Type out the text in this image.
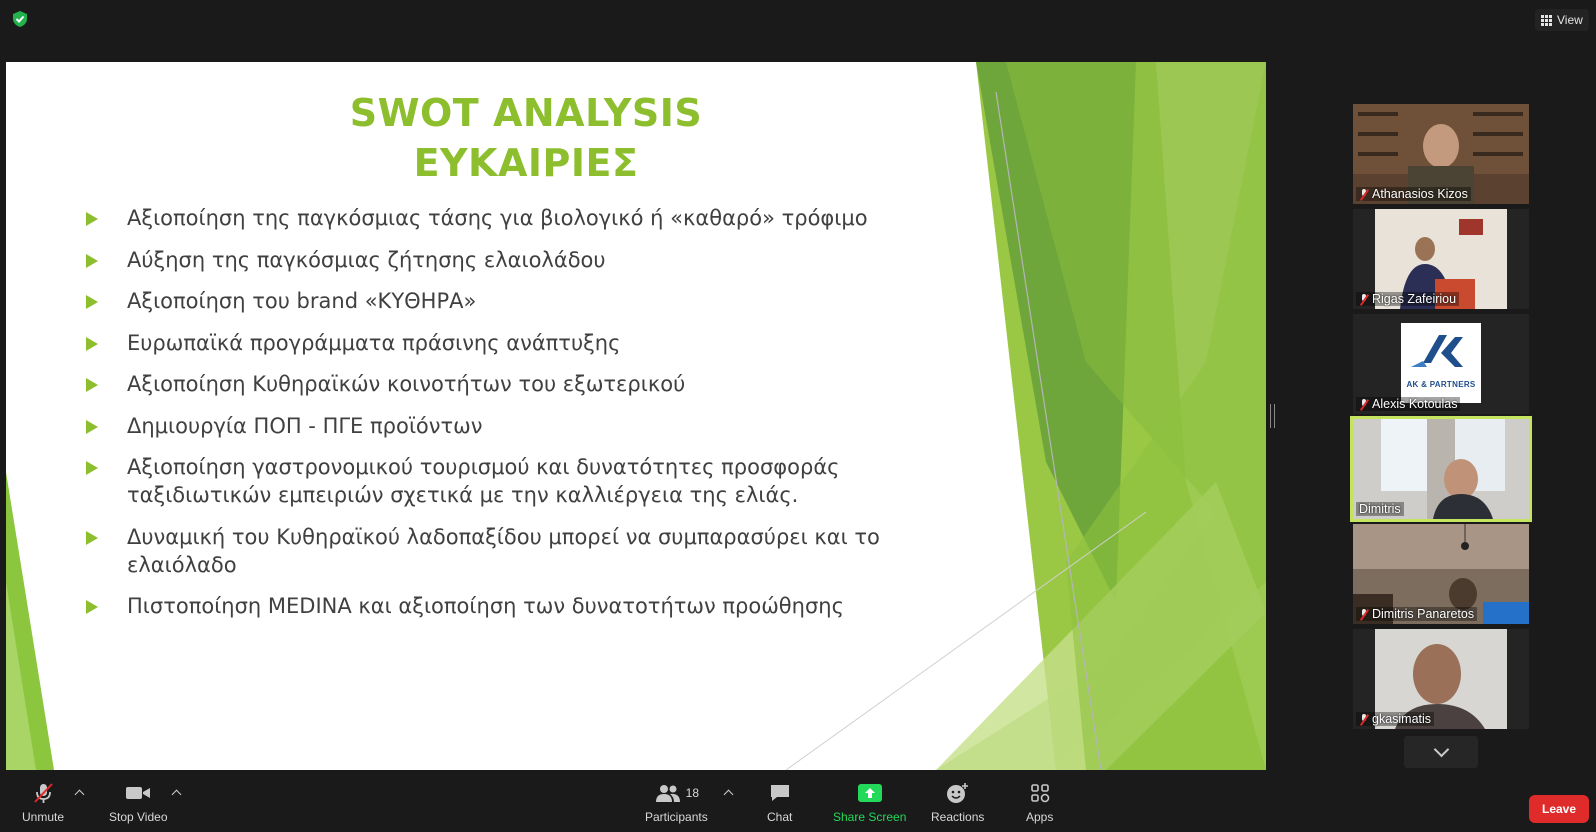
View
SWOT ANALYSIS
ΕΥΚΑΙΡΙΕΣ
Αξιοποίηση της παγκόσμιας τάσης για βιολογικό ή «καθαρό» τρόφιμο
Αύξηση της παγκόσμιας ζήτησης ελαιολάδου
Αξιοποίηση του brand «ΚΥΘΗΡΑ»
Ευρωπαϊκά προγράμματα πράσινης ανάπτυξης
Αξιοποίηση Κυθηραϊκών κοινοτήτων του εξωτερικού
Δημιουργία ΠΟΠ - ΠΓΕ προϊόντων
Αξιοποίηση γαστρονομικού τουρισμού και δυνατότητες προσφοράς ταξιδιωτικών εμπειριών σχετικά με την καλλιέργεια της ελιάς.
Δυναμική του Κυθηραϊκού λαδοπαξίδου μπορεί να συμπαρασύρει και το ελαιόλαδο
Πιστοποίηση MEDINA και αξιοποίηση των δυνατοτήτων προώθησης
Athanasios Kizos
Rigas Zafeiriou
AK & PARTNERS
Alexis Kotoulas
Dimitris
Dimitris Panaretos
gkasimatis
Unmute	Stop Video
18
Participants	Chat	Share Screen Reactions	Apps
Leave
